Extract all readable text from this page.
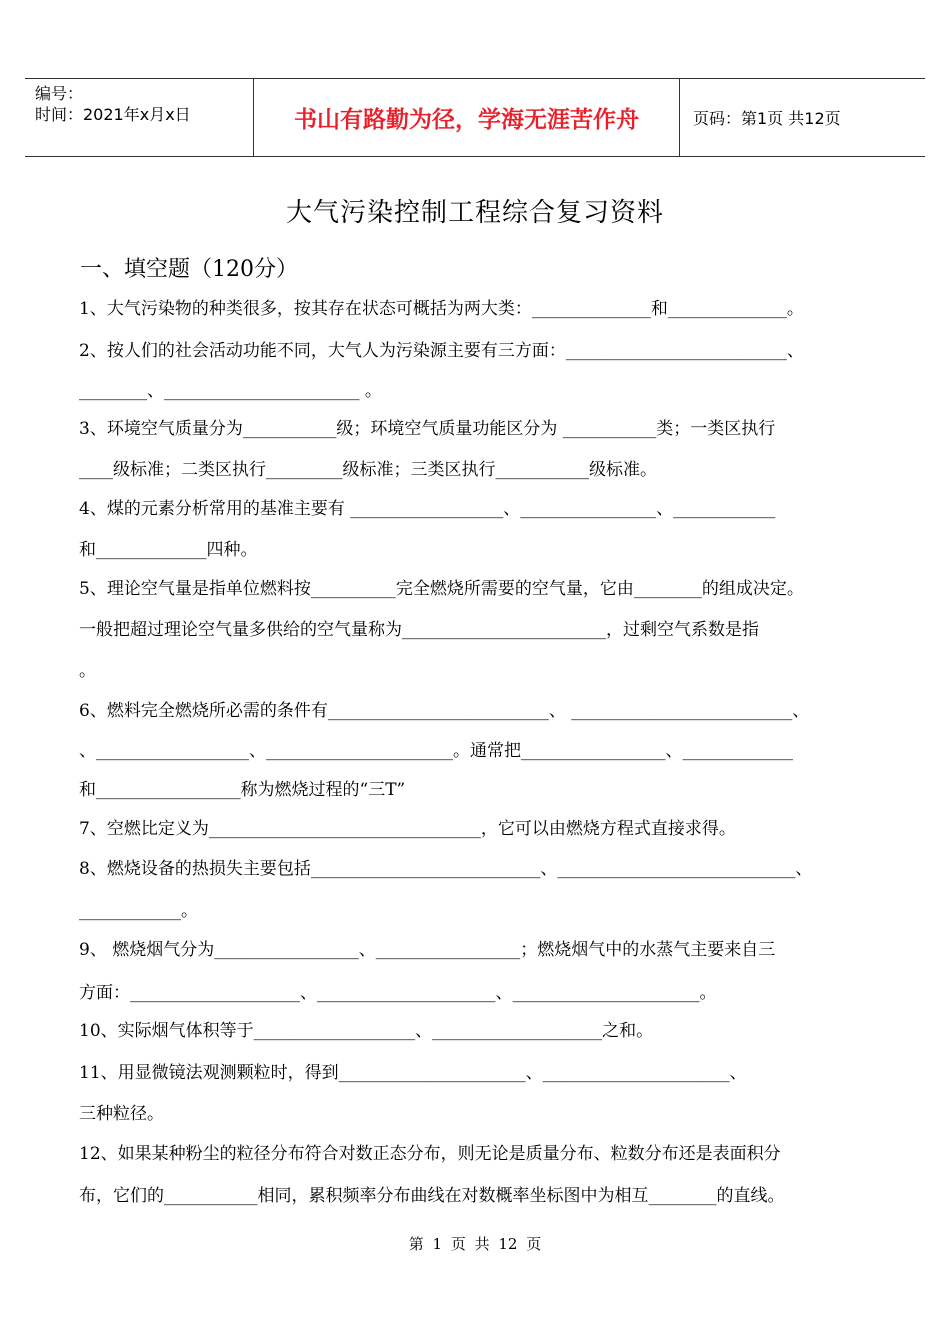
编号：
时间：2021年x月x日	书山有路勤为径，学海无涯苦作舟	页码：第1页 共12页
大气污染控制工程综合复习资料
一、填空题（120分）
1、大气污染物的种类很多，按其存在状态可概括为两大类：______________和______________。
2、按人们的社会活动功能不同，大气人为污染源主要有三方面：__________________________、
________、_______________________ 。
3、环境空气质量分为___________级；环境空气质量功能区分为 ___________类；一类区执行
____级标准；二类区执行_________级标准；三类区执行___________级标准。
4、煤的元素分析常用的基准主要有 __________________、________________、____________
和_____________四种。
5、理论空气量是指单位燃料按__________完全燃烧所需要的空气量，它由________的组成决定。
一般把超过理论空气量多供给的空气量称为________________________，过剩空气系数是指
。
6、燃料完全燃烧所必需的条件有__________________________、 __________________________、
、__________________、______________________。通常把_________________、_____________
和_________________称为燃烧过程的“三T”
7、空燃比定义为________________________________，它可以由燃烧方程式直接求得。
8、燃烧设备的热损失主要包括___________________________、____________________________、
____________。
9、 燃烧烟气分为_________________、_________________；燃烧烟气中的水蒸气主要来自三
方面：____________________、_____________________、______________________。
10、实际烟气体积等于___________________、____________________之和。
11、用显微镜法观测颗粒时，得到______________________、______________________、
三种粒径。
12、如果某种粉尘的粒径分布符合对数正态分布，则无论是质量分布、粒数分布还是表面积分
布，它们的___________相同，累积频率分布曲线在对数概率坐标图中为相互________的直线。
第 1 页 共 12 页
